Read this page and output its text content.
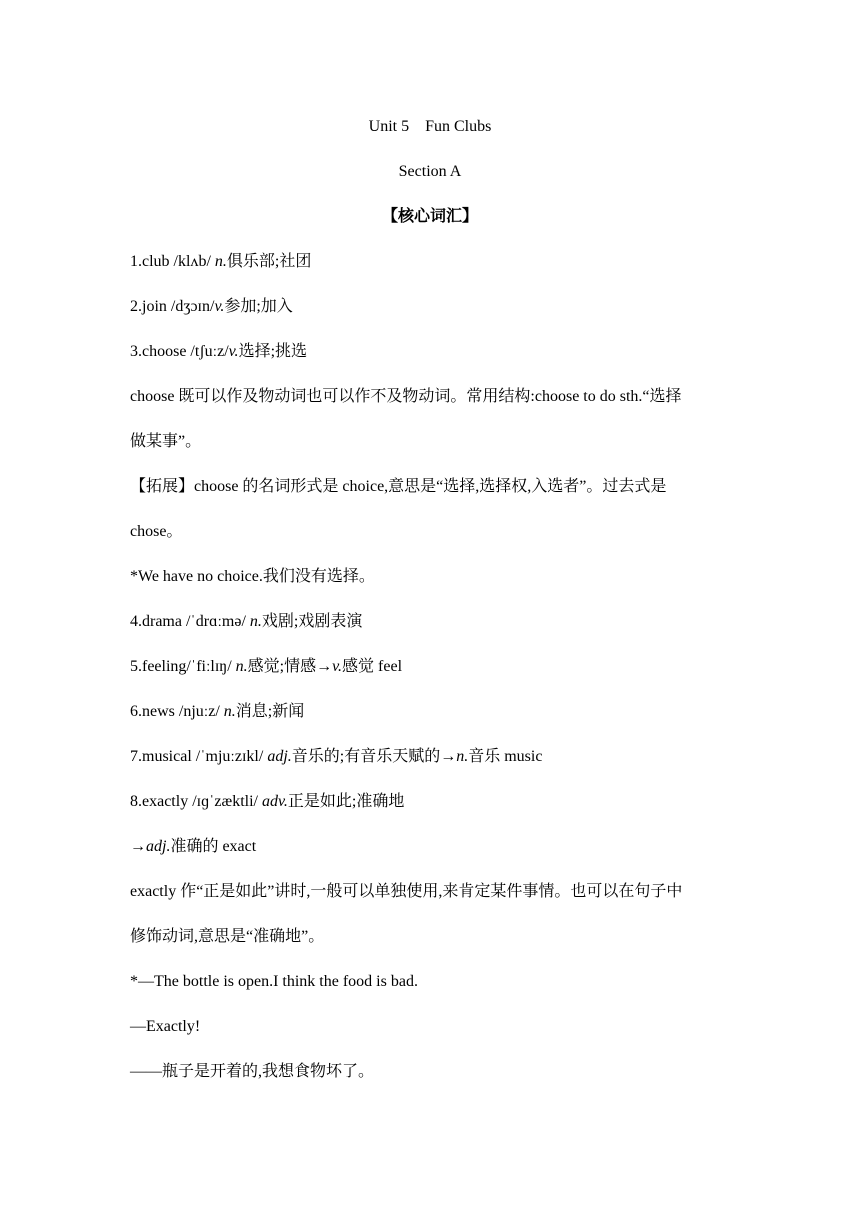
Unit 5　Fun Clubs
Section A
【核心词汇】
1.club /klʌb/ n.俱乐部;社团
2.join /dʒɔɪn/v.参加;加入
3.choose /tʃuːz/v.选择;挑选
choose 既可以作及物动词也可以作不及物动词。常用结构:choose to do sth.“选择
做某事”。
【拓展】choose 的名词形式是 choice,意思是“选择,选择权,入选者”。过去式是
chose。
*We have no choice.我们没有选择。
4.drama /ˈdrɑːmə/ n.戏剧;戏剧表演
5.feeling/ˈfiːlɪŋ/ n.感觉;情感→v.感觉 feel
6.news /njuːz/ n.消息;新闻
7.musical /ˈmjuːzɪkl/ adj.音乐的;有音乐天赋的→n.音乐 music
8.exactly /ɪɡˈzæktli/ adv.正是如此;准确地
→adj.准确的 exact
exactly 作“正是如此”讲时,一般可以单独使用,来肯定某件事情。也可以在句子中
修饰动词,意思是“准确地”。
*—The bottle is open.I think the food is bad.
—Exactly!
——瓶子是开着的,我想食物坏了。
